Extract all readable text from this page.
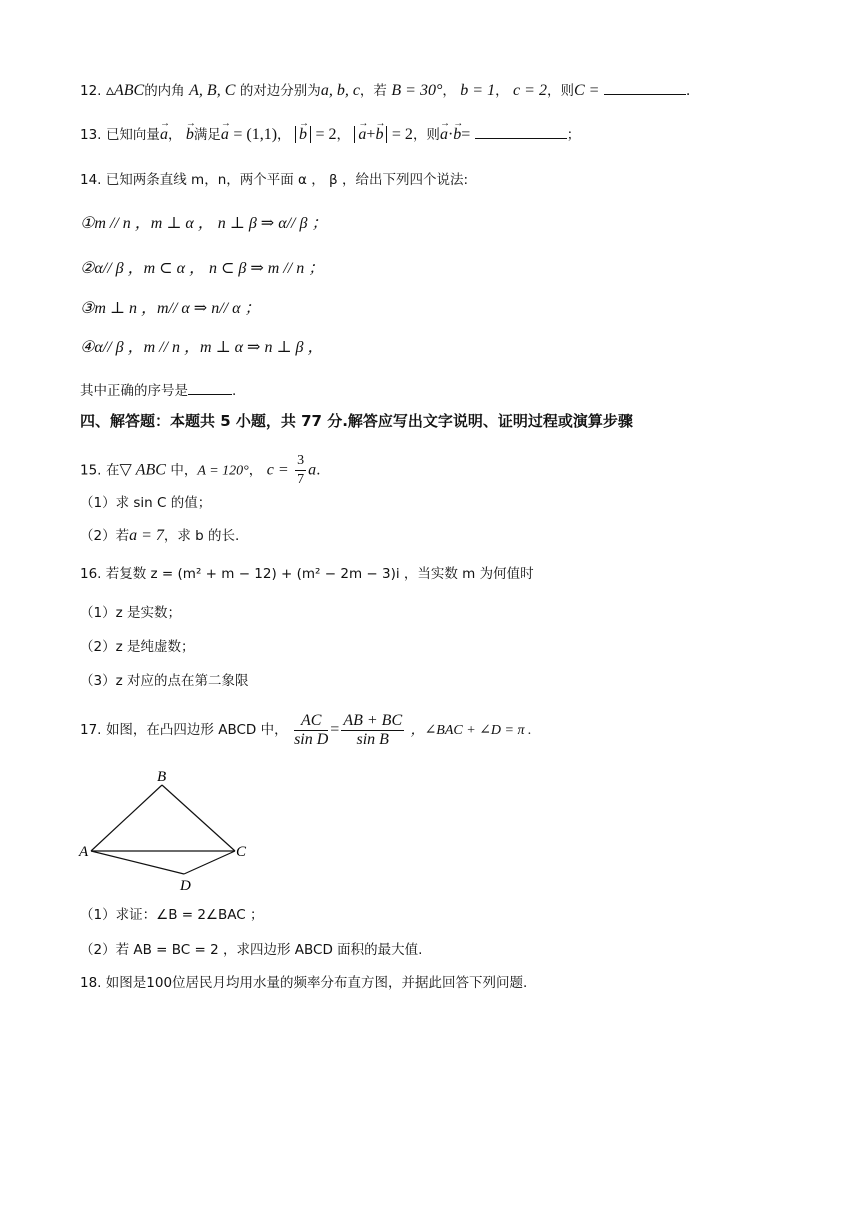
12. ▵ABC的内角 A, B, C 的对边分别为a, b, c，若 B = 30°， b = 1， c = 2，则C =	.
13. 已知向量→ a， → b满足→ a = (1,1)， → b = 2， → a+→ b = 2，则→ a·→ b=	；
14. 已知两条直线 m，n，两个平面 α ， β ，给出下列四个说法:
①m // n ，m ⊥ α ， n ⊥ β ⇒ α// β ；
②α// β ，m ⊂ α ， n ⊂ β ⇒ m // n ；
③m ⊥ n ，m// α ⇒ n// α ；
④α// β ，m // n ，m ⊥ α ⇒ n ⊥ β ，
其中正确的序号是	.
四、解答题：本题共 5 小题，共 77 分.解答应写出文字说明、证明过程或演算步骤
15. 在▽ ABC 中，A = 120°， $c = \frac{3}{7} a$.
（1）求 sin C 的值；
（2）若a = 7，求 b 的长.
16. 若复数 z = (m² + m − 12) + (m² − 2m − 3)i ，当实数 m 为何值时
（1）z 是实数；
（2）z 是纯虚数；
（3）z 对应的点在第二象限
17. 如图，在凸四边形 ABCD 中， $\frac{AC}{\text{sin D}} = \frac{AB + BC}{\text{sin B}}$ ，∠BAC + ∠D = π .
A
B
C
D
（1）求证：∠B = 2∠BAC ；
（2）若 AB = BC = 2 ，求四边形 ABCD 面积的最大值.
18. 如图是100位居民月均用水量的频率分布直方图，并据此回答下列问题.
